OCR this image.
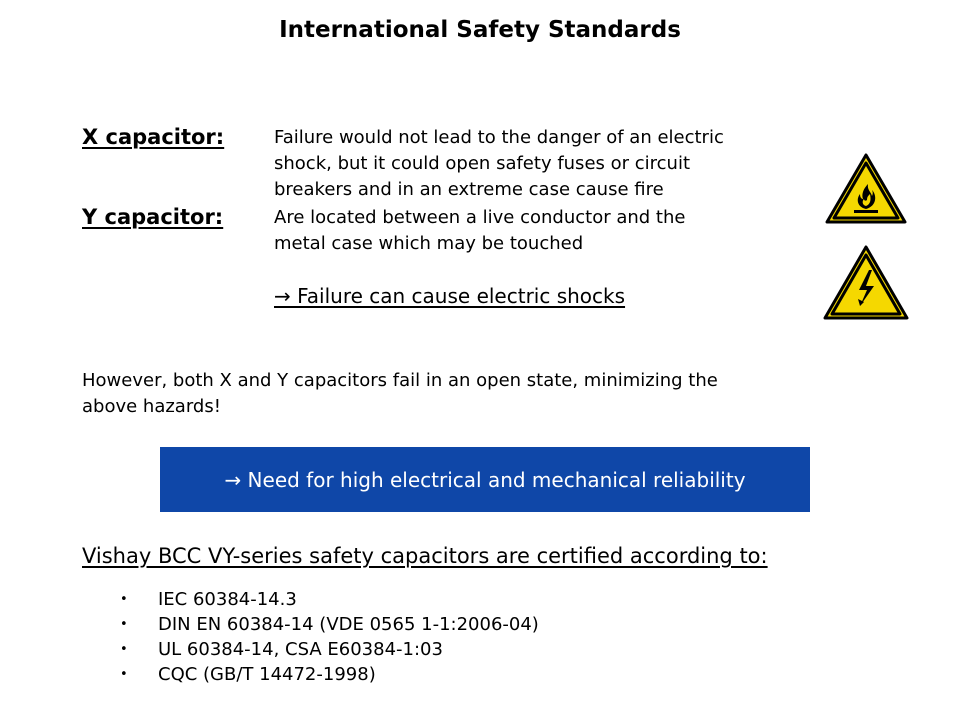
International Safety Standards
X capacitor:	Failure would not lead to the danger of an electric
shock, but it could open safety fuses or circuit
breakers and in an extreme case cause fire
Y capacitor:	Are located between a live conductor and the
metal case which may be touched
→ Failure can cause electric shocks
However, both X and Y capacitors fail in an open state, minimizing the
above hazards!
→ Need for high electrical and mechanical reliability
Vishay BCC VY-series safety capacitors are certified according to:
• IEC 60384-14.3
• DIN EN 60384-14 (VDE 0565 1-1:2006-04)
• UL 60384-14, CSA E60384-1:03
• CQC (GB/T 14472-1998)
